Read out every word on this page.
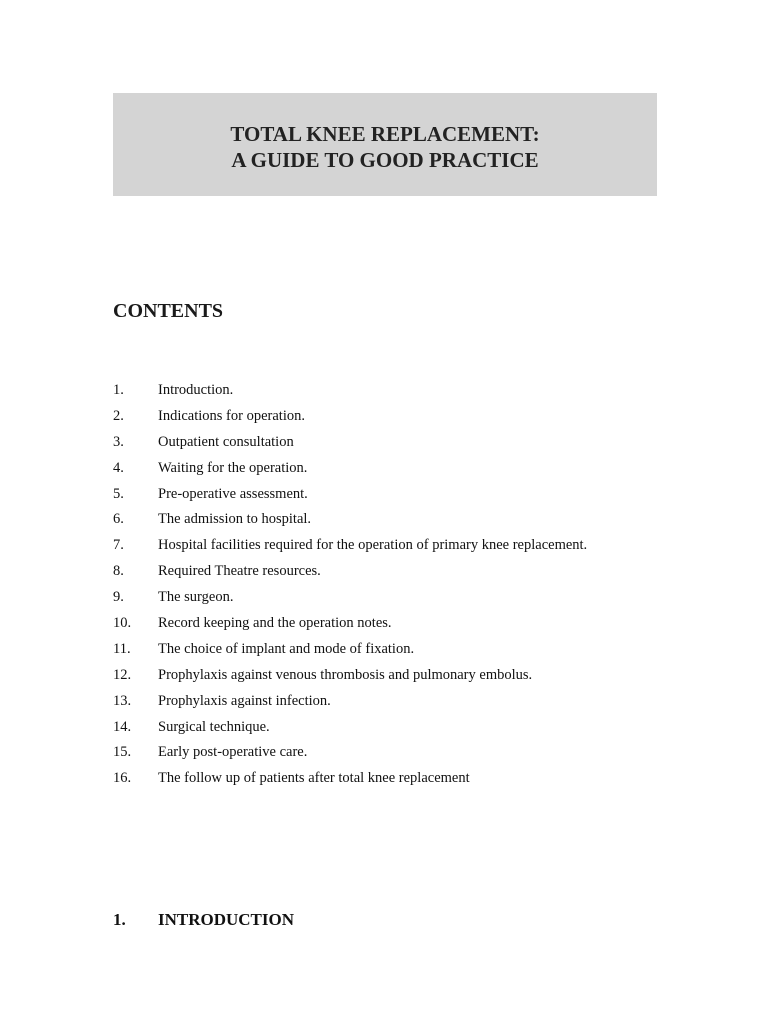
TOTAL KNEE REPLACEMENT:
A GUIDE TO GOOD PRACTICE
CONTENTS
1. Introduction.
2. Indications for operation.
3. Outpatient consultation
4. Waiting for the operation.
5. Pre-operative assessment.
6. The admission to hospital.
7. Hospital facilities required for the operation of primary knee replacement.
8. Required Theatre resources.
9. The surgeon.
10. Record keeping and the operation notes.
11. The choice of implant and mode of fixation.
12. Prophylaxis against venous thrombosis and pulmonary embolus.
13. Prophylaxis against infection.
14. Surgical technique.
15. Early post-operative care.
16. The follow up of patients after total knee replacement
1. INTRODUCTION
